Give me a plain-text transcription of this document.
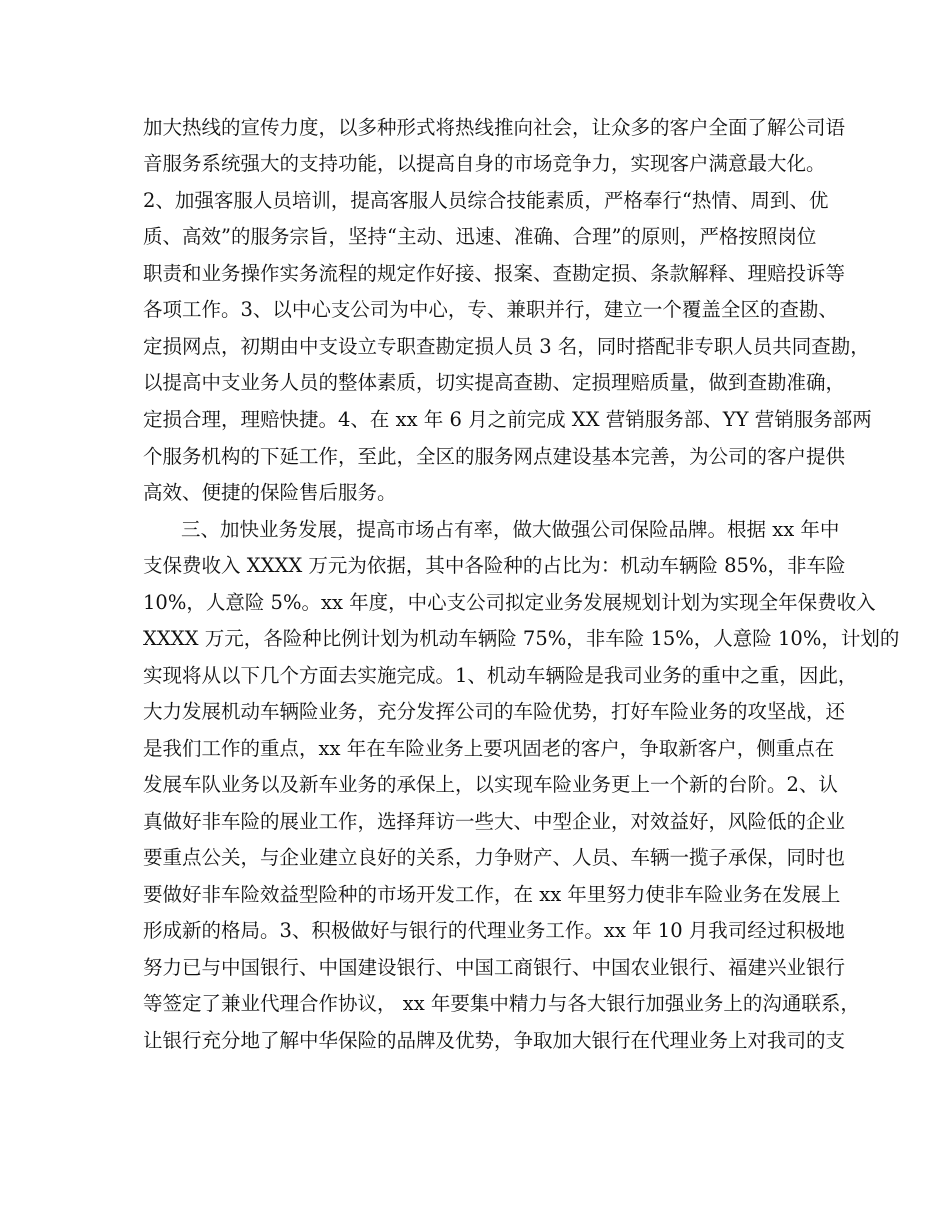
加大热线的宣传力度，以多种形式将热线推向社会，让众多的客户全面了解公司语
音服务系统强大的支持功能，以提高自身的市场竞争力，实现客户满意最大化。
2、加强客服人员培训，提高客服人员综合技能素质，严格奉行“热情、周到、优
质、高效”的服务宗旨，坚持“主动、迅速、准确、合理”的原则，严格按照岗位
职责和业务操作实务流程的规定作好接、报案、查勘定损、条款解释、理赔投诉等
各项工作。3、以中心支公司为中心，专、兼职并行，建立一个覆盖全区的查勘、
定损网点，初期由中支设立专职查勘定损人员 3 名，同时搭配非专职人员共同查勘，
以提高中支业务人员的整体素质，切实提高查勘、定损理赔质量，做到查勘准确，
定损合理，理赔快捷。4、在 xx 年 6 月之前完成 XX 营销服务部、YY 营销服务部两
个服务机构的下延工作，至此，全区的服务网点建设基本完善，为公司的客户提供
高效、便捷的保险售后服务。
三、加快业务发展，提高市场占有率，做大做强公司保险品牌。根据 xx 年中
支保费收入 XXXX 万元为依据，其中各险种的占比为：机动车辆险 85%，非车险
10%，人意险 5%。xx 年度，中心支公司拟定业务发展规划计划为实现全年保费收入
XXXX 万元，各险种比例计划为机动车辆险 75%，非车险 15%，人意险 10%，计划的
实现将从以下几个方面去实施完成。1、机动车辆险是我司业务的重中之重，因此，
大力发展机动车辆险业务，充分发挥公司的车险优势，打好车险业务的攻坚战，还
是我们工作的重点，xx 年在车险业务上要巩固老的客户，争取新客户，侧重点在
发展车队业务以及新车业务的承保上，以实现车险业务更上一个新的台阶。2、认
真做好非车险的展业工作，选择拜访一些大、中型企业，对效益好，风险低的企业
要重点公关，与企业建立良好的关系，力争财产、人员、车辆一揽子承保，同时也
要做好非车险效益型险种的市场开发工作，在 xx 年里努力使非车险业务在发展上
形成新的格局。3、积极做好与银行的代理业务工作。xx 年 10 月我司经过积极地
努力已与中国银行、中国建设银行、中国工商银行、中国农业银行、福建兴业银行
等签定了兼业代理合作协议， xx 年要集中精力与各大银行加强业务上的沟通联系，
让银行充分地了解中华保险的品牌及优势，争取加大银行在代理业务上对我司的支
